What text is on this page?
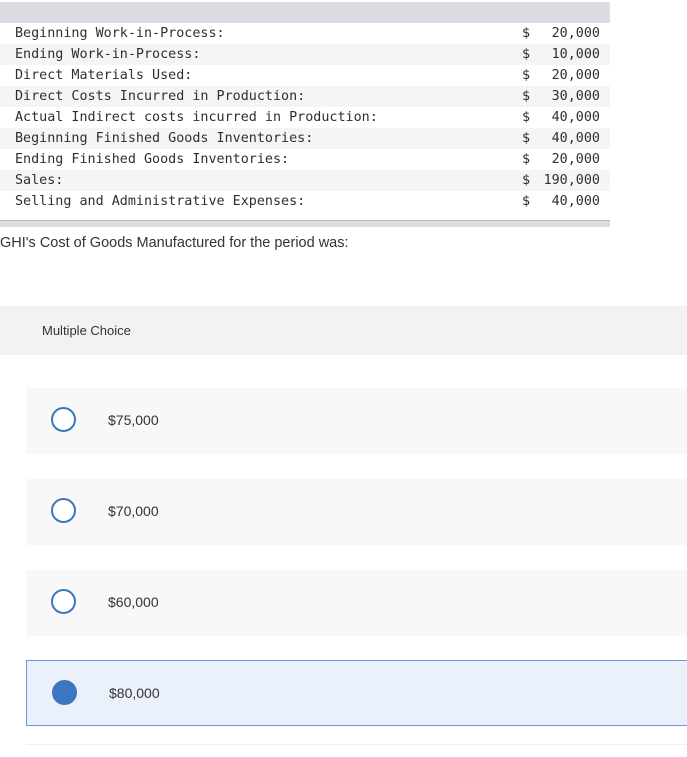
Beginning Work-in-Process:	$ 20,000
Ending Work-in-Process:	$ 10,000
Direct Materials Used:	$ 20,000
Direct Costs Incurred in Production:	$ 30,000
Actual Indirect costs incurred in Production:	$ 40,000
Beginning Finished Goods Inventories:	$ 40,000
Ending Finished Goods Inventories:	$ 20,000
Sales:	$ 190,000
Selling and Administrative Expenses:	$ 40,000
GHI's Cost of Goods Manufactured for the period was:
Multiple Choice
$75,000
$70,000
$60,000
$80,000
